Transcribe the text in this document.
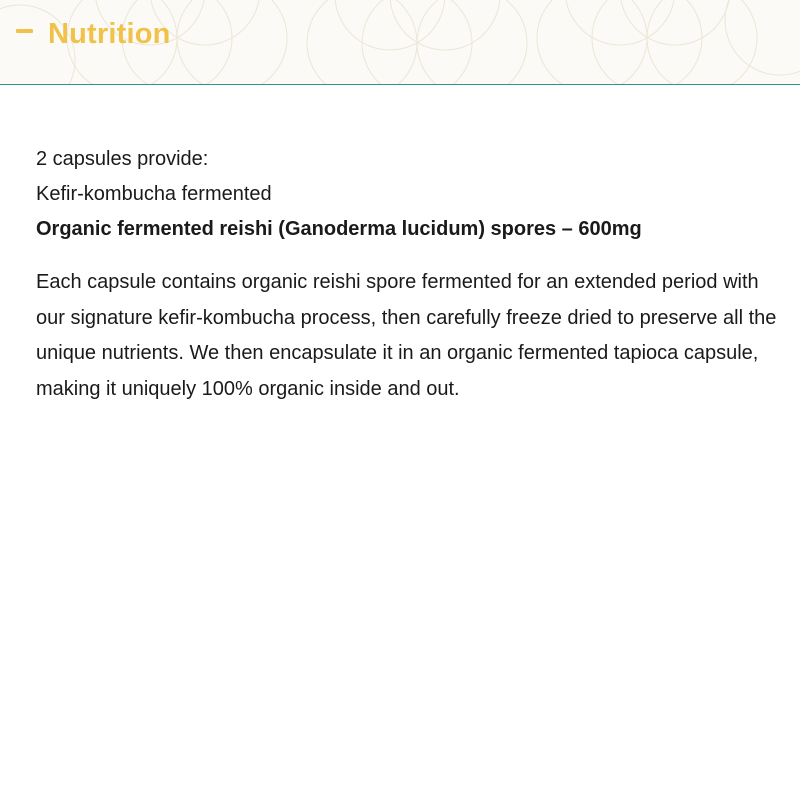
Nutrition
2 capsules provide:
Kefir-kombucha fermented
Organic fermented reishi (Ganoderma lucidum) spores – 600mg
Each capsule contains organic reishi spore fermented for an extended period with our signature kefir-kombucha process, then carefully freeze dried to preserve all the unique nutrients. We then encapsulate it in an organic fermented tapioca capsule, making it uniquely 100% organic inside and out.
